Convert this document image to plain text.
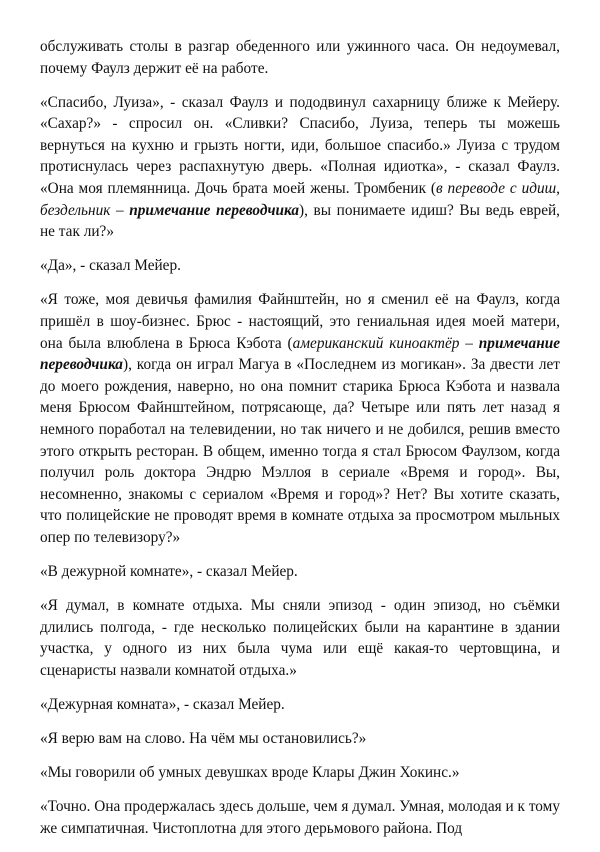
обслуживать столы в разгар обеденного или ужинного часа. Он недоумевал, почему Фаулз держит её на работе.

«Спасибо, Луиза», - сказал Фаулз и пододвинул сахарницу ближе к Мейеру. «Сахар?» - спросил он. «Сливки? Спасибо, Луиза, теперь ты можешь вернуться на кухню и грызть ногти, иди, большое спасибо.» Луиза с трудом протиснулась через распахнутую дверь. «Полная идиотка», - сказал Фаулз. «Она моя племянница. Дочь брата моей жены. Тромбеник (в переводе с идиш, бездельник – примечание переводчика), вы понимаете идиш? Вы ведь еврей, не так ли?»

«Да», - сказал Мейер.

«Я тоже, моя девичья фамилия Файнштейн, но я сменил её на Фаулз, когда пришёл в шоу-бизнес. Брюс - настоящий, это гениальная идея моей матери, она была влюблена в Брюса Кэбота (американский киноактёр – примечание переводчика), когда он играл Магуа в «Последнем из могикан». За двести лет до моего рождения, наверно, но она помнит старика Брюса Кэбота и назвала меня Брюсом Файнштейном, потрясающе, да? Четыре или пять лет назад я немного поработал на телевидении, но так ничего и не добился, решив вместо этого открыть ресторан. В общем, именно тогда я стал Брюсом Фаулзом, когда получил роль доктора Эндрю Мэллоя в сериале «Время и город». Вы, несомненно, знакомы с сериалом «Время и город»? Нет? Вы хотите сказать, что полицейские не проводят время в комнате отдыха за просмотром мыльных опер по телевизору?»

«В дежурной комнате», - сказал Мейер.

«Я думал, в комнате отдыха. Мы сняли эпизод - один эпизод, но съёмки длились полгода, - где несколько полицейских были на карантине в здании участка, у одного из них была чума или ещё какая-то чертовщина, и сценаристы назвали комнатой отдыха.»

«Дежурная комната», - сказал Мейер.

«Я верю вам на слово. На чём мы остановились?»

«Мы говорили об умных девушках вроде Клары Джин Хокинс.»

«Точно. Она продержалась здесь дольше, чем я думал. Умная, молодая и к тому же симпатичная. Чистоплотна для этого дерьмового района. Под
